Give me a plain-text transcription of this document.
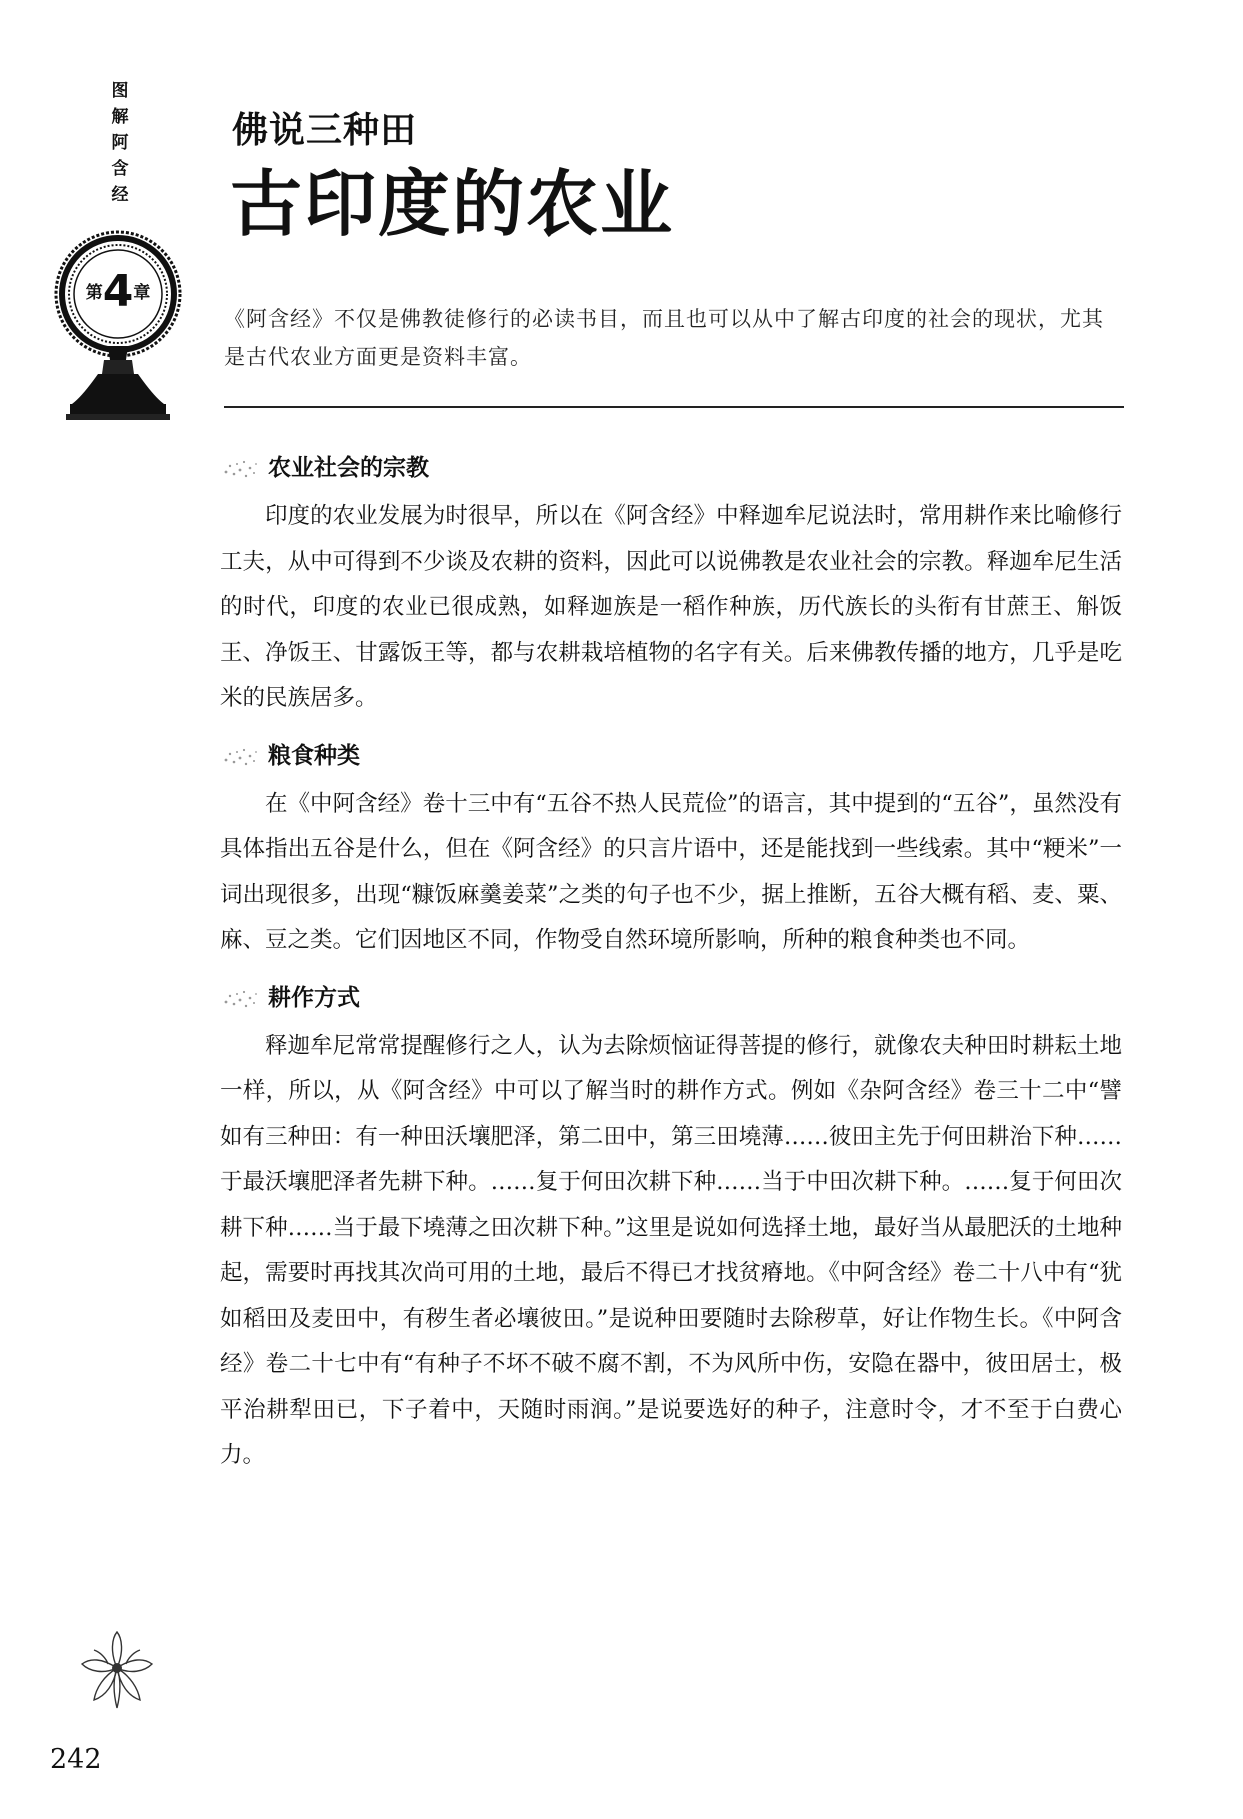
图
解
阿
含
经
第4章
佛说三种田
古印度的农业
《阿含经》不仅是佛教徒修行的必读书目，而且也可以从中了解古印度的社会的现状，尤其是古代农业方面更是资料丰富。
农业社会的宗教

印度的农业发展为时很早，所以在《阿含经》中释迦牟尼说法时，常用耕作来比喻修行工夫，从中可得到不少谈及农耕的资料，因此可以说佛教是农业社会的宗教。释迦牟尼生活的时代，印度的农业已很成熟，如释迦族是一稻作种族，历代族长的头衔有甘蔗王、斛饭王、净饭王、甘露饭王等，都与农耕栽培植物的名字有关。后来佛教传播的地方，几乎是吃米的民族居多。

粮食种类

在《中阿含经》卷十三中有“五谷不热人民荒俭”的语言，其中提到的“五谷”，虽然没有具体指出五谷是什么，但在《阿含经》的只言片语中，还是能找到一些线索。其中“粳米”一词出现很多，出现“糠饭麻羹姜菜”之类的句子也不少，据上推断，五谷大概有稻、麦、粟、麻、豆之类。它们因地区不同，作物受自然环境所影响，所种的粮食种类也不同。

耕作方式

释迦牟尼常常提醒修行之人，认为去除烦恼证得菩提的修行，就像农夫种田时耕耘土地一样，所以，从《阿含经》中可以了解当时的耕作方式。例如《杂阿含经》卷三十二中“譬如有三种田：有一种田沃壤肥泽，第二田中，第三田墝薄……彼田主先于何田耕治下种……于最沃壤肥泽者先耕下种。……复于何田次耕下种……当于中田次耕下种。……复于何田次耕下种……当于最下墝薄之田次耕下种。”这里是说如何选择土地，最好当从最肥沃的土地种起，需要时再找其次尚可用的土地，最后不得已才找贫瘠地。《中阿含经》卷二十八中有“犹如稻田及麦田中，有秽生者必壤彼田。”是说种田要随时去除秽草，好让作物生长。《中阿含经》卷二十七中有“有种子不坏不破不腐不割，不为风所中伤，安隐在器中，彼田居士，极平治耕犁田已，下子着中，天随时雨润。”是说要选好的种子，注意时令，才不至于白费心力。

242
